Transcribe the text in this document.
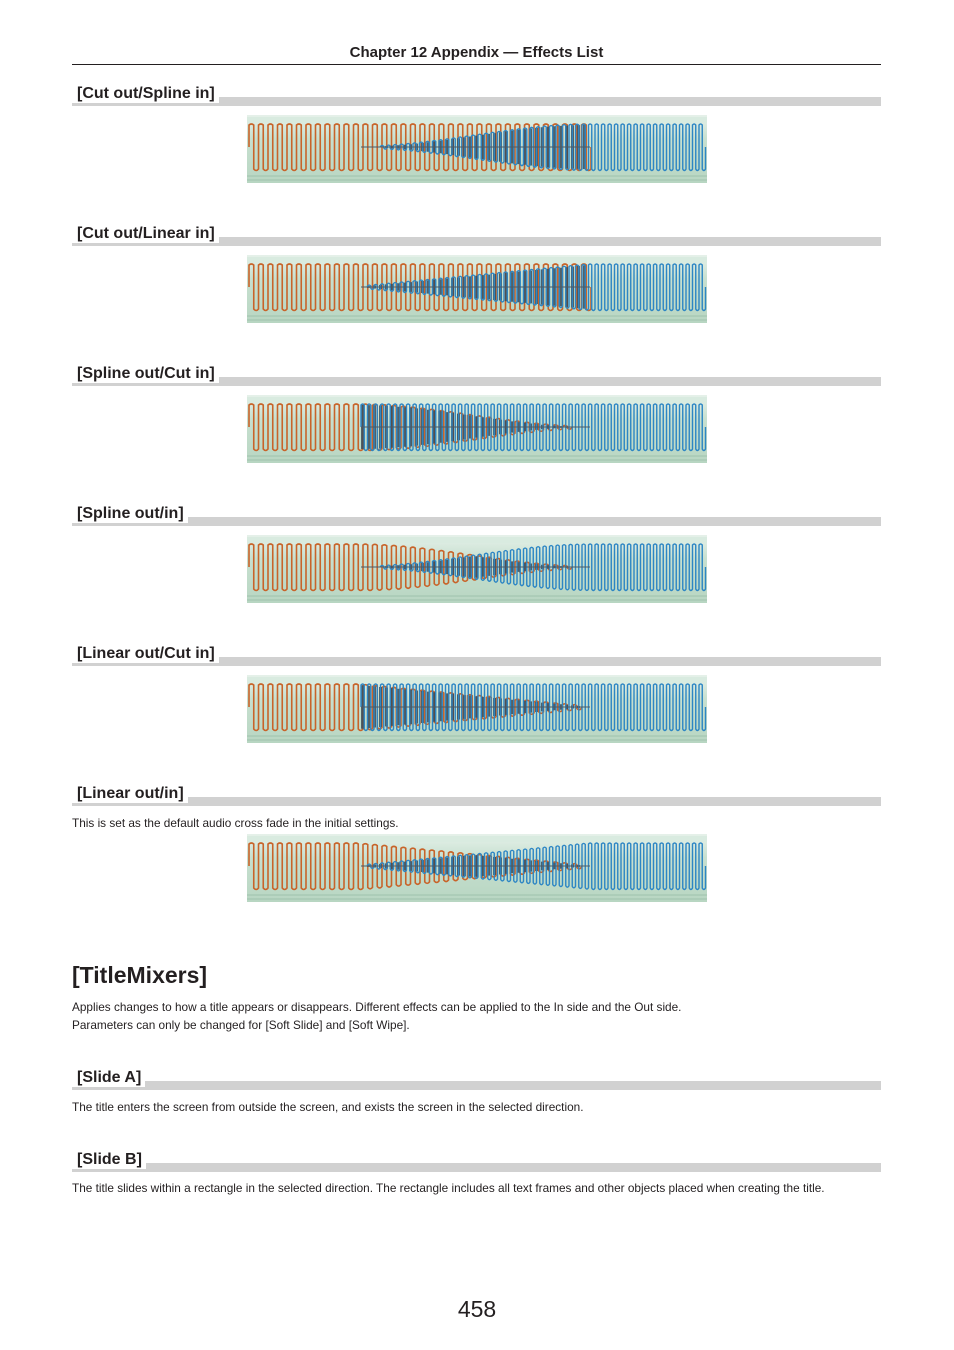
Chapter 12 Appendix — Effects List
[Cut out/Spline in]
[Cut out/Linear in]
[Spline out/Cut in]
[Spline out/in]
[Linear out/Cut in]
[Linear out/in]
This is set as the default audio cross fade in the initial settings.
[TitleMixers]
Applies changes to how a title appears or disappears. Different effects can be applied to the In side and the Out side.
Parameters can only be changed for [Soft Slide] and [Soft Wipe].
[Slide A]
The title enters the screen from outside the screen, and exists the screen in the selected direction.
[Slide B]
The title slides within a rectangle in the selected direction. The rectangle includes all text frames and other objects placed when creating the title.
458
